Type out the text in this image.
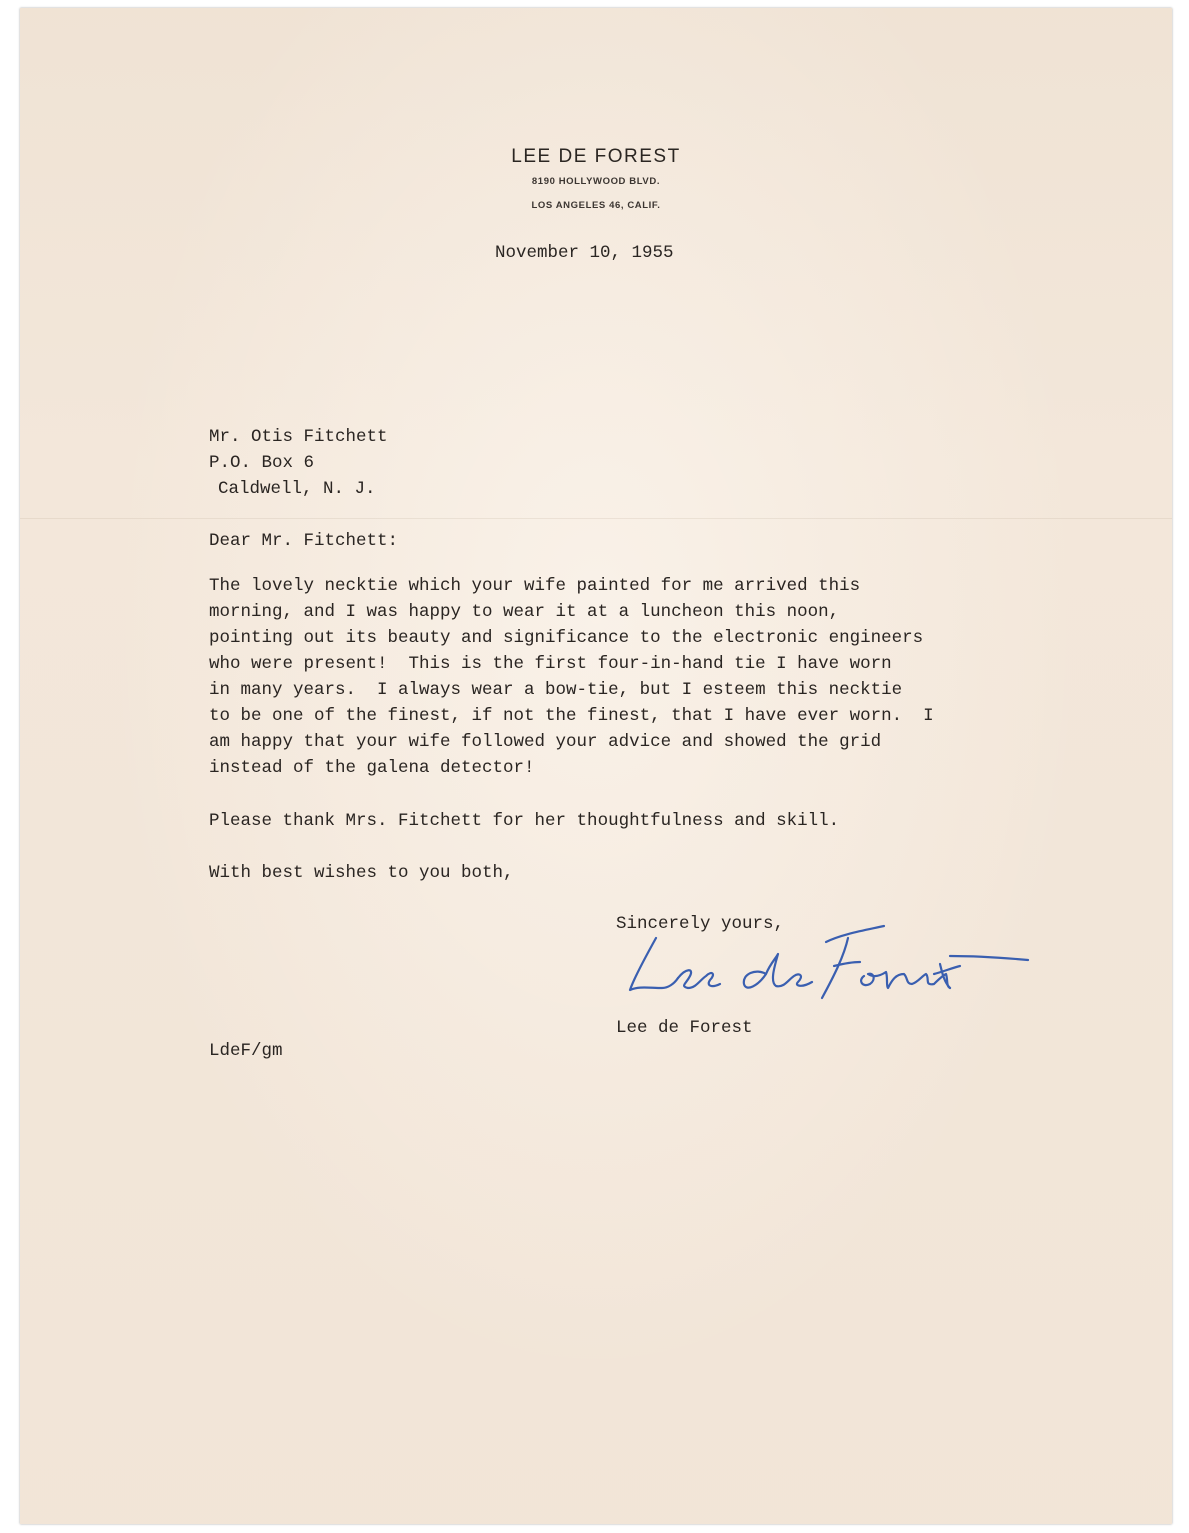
LEE DE FOREST
8190 HOLLYWOOD BLVD.
LOS ANGELES 46, CALIF.
November 10, 1955
Mr. Otis Fitchett
P.O. Box 6
Caldwell, N. J.
Dear Mr. Fitchett:
The lovely necktie which your wife painted for me arrived this
morning, and I was happy to wear it at a luncheon this noon,
pointing out its beauty and significance to the electronic engineers
who were present!  This is the first four-in-hand tie I have worn
in many years.  I always wear a bow-tie, but I esteem this necktie
to be one of the finest, if not the finest, that I have ever worn.  I
am happy that your wife followed your advice and showed the grid
instead of the galena detector!
Please thank Mrs. Fitchett for her thoughtfulness and skill.
With best wishes to you both,
Sincerely yours,
Lee de Forest
LdeF/gm
